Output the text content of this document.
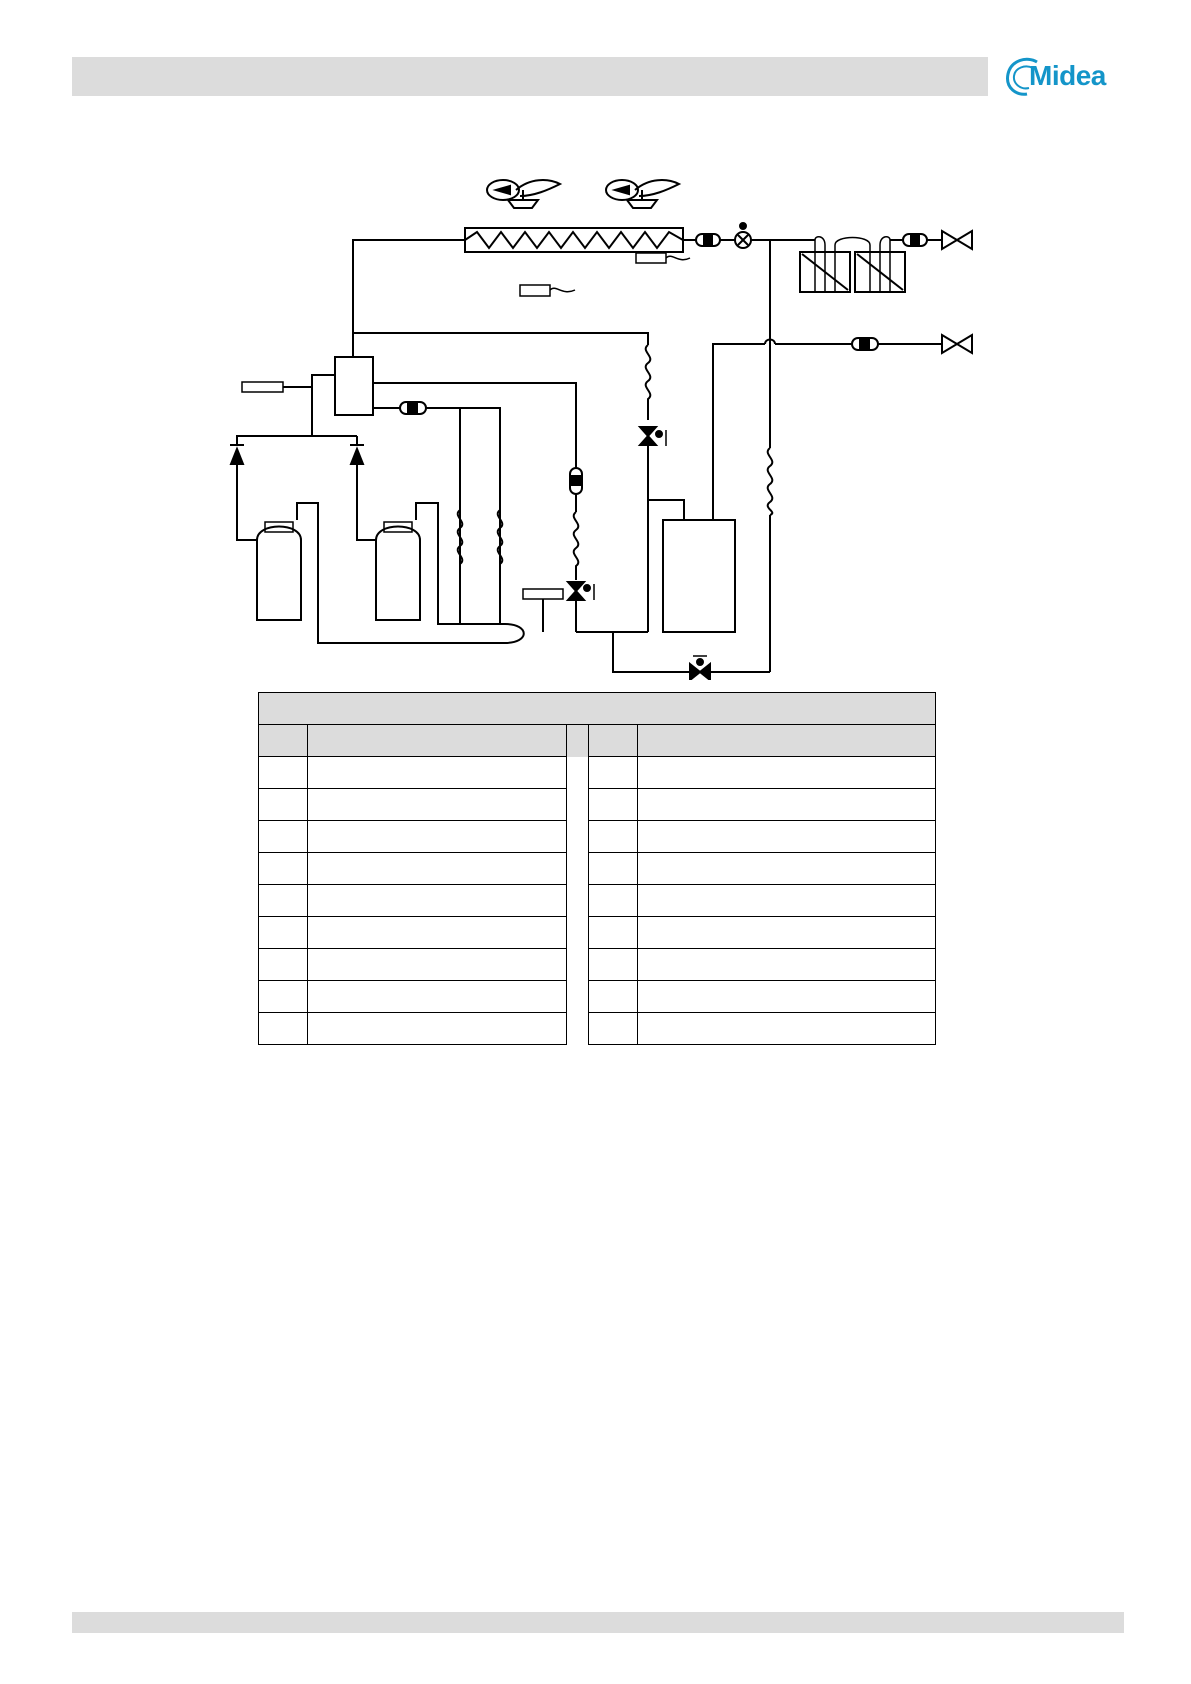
Midea
